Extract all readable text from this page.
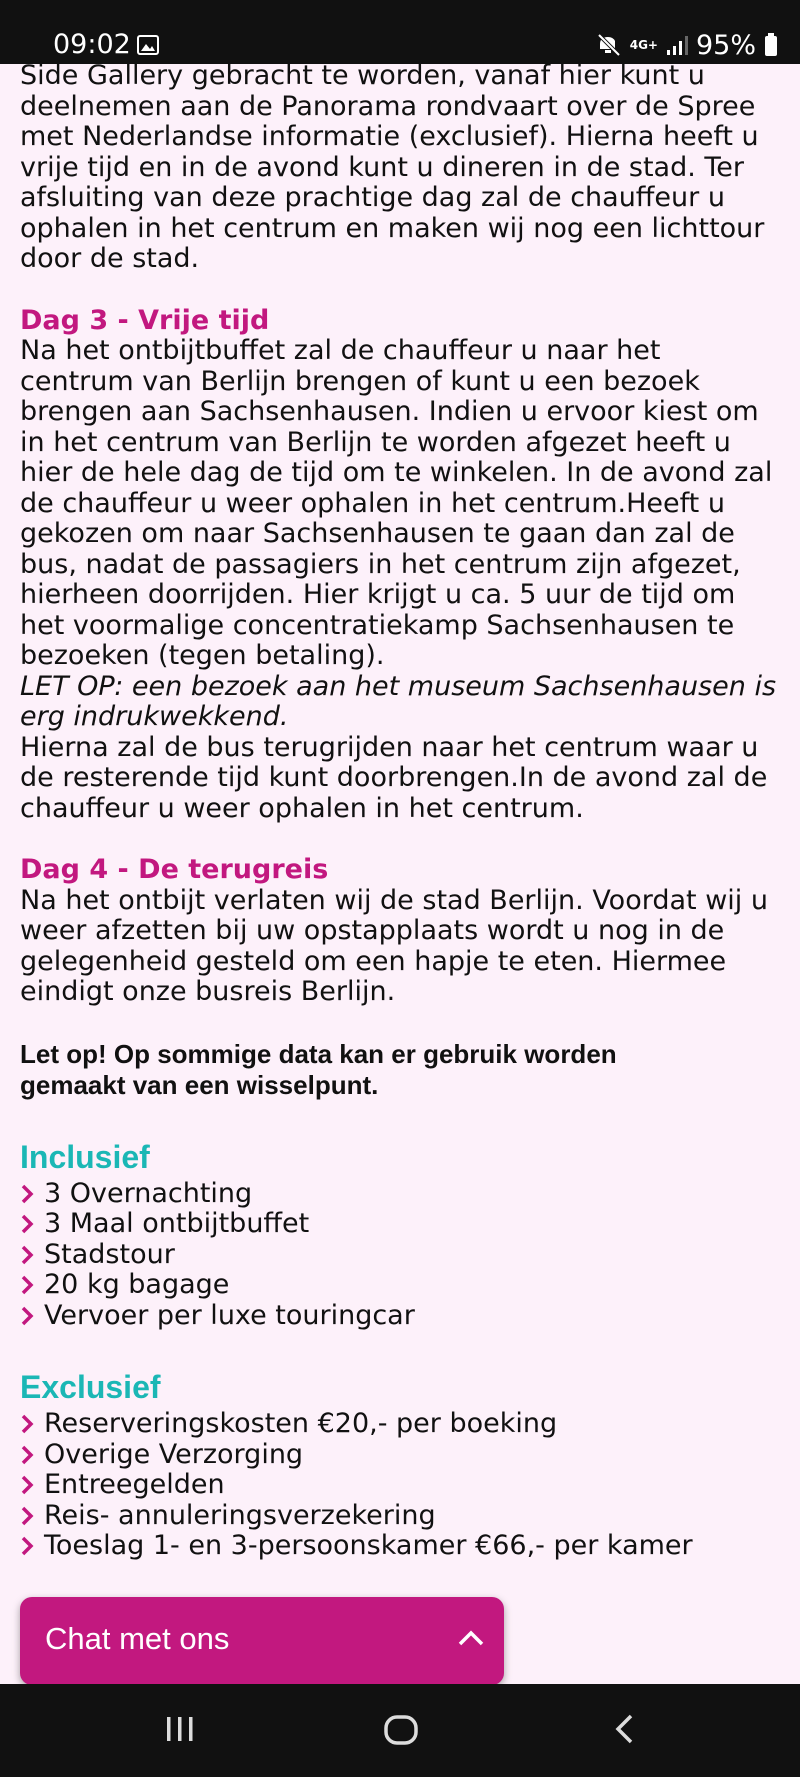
09:02	4G+ 95%
Side Gallery gebracht te worden, vanaf hier kunt u
deelnemen aan de Panorama rondvaart over de Spree
met Nederlandse informatie (exclusief). Hierna heeft u
vrije tijd en in de avond kunt u dineren in de stad. Ter
afsluiting van deze prachtige dag zal de chauffeur u
ophalen in het centrum en maken wij nog een lichttour
door de stad.
Dag 3 - Vrije tijd
Na het ontbijtbuffet zal de chauffeur u naar het
centrum van Berlijn brengen of kunt u een bezoek
brengen aan Sachsenhausen. Indien u ervoor kiest om
in het centrum van Berlijn te worden afgezet heeft u
hier de hele dag de tijd om te winkelen. In de avond zal
de chauffeur u weer ophalen in het centrum.Heeft u
gekozen om naar Sachsenhausen te gaan dan zal de
bus, nadat de passagiers in het centrum zijn afgezet,
hierheen doorrijden. Hier krijgt u ca. 5 uur de tijd om
het voormalige concentratiekamp Sachsenhausen te
bezoeken (tegen betaling).
LET OP: een bezoek aan het museum Sachsenhausen is
erg indrukwekkend.
Hierna zal de bus terugrijden naar het centrum waar u
de resterende tijd kunt doorbrengen.In de avond zal de
chauffeur u weer ophalen in het centrum.
Dag 4 - De terugreis
Na het ontbijt verlaten wij de stad Berlijn. Voordat wij u
weer afzetten bij uw opstapplaats wordt u nog in de
gelegenheid gesteld om een hapje te eten. Hiermee
eindigt onze busreis Berlijn.
Let op! Op sommige data kan er gebruik worden
gemaakt van een wisselpunt.
Inclusief
3 Overnachting
3 Maal ontbijtbuffet
Stadstour
20 kg bagage
Vervoer per luxe touringcar
Exclusief
Reserveringskosten €20,- per boeking
Overige Verzorging
Entreegelden
Reis- annuleringsverzekering
Toeslag 1- en 3-persoonskamer €66,- per kamer
Chat met ons
